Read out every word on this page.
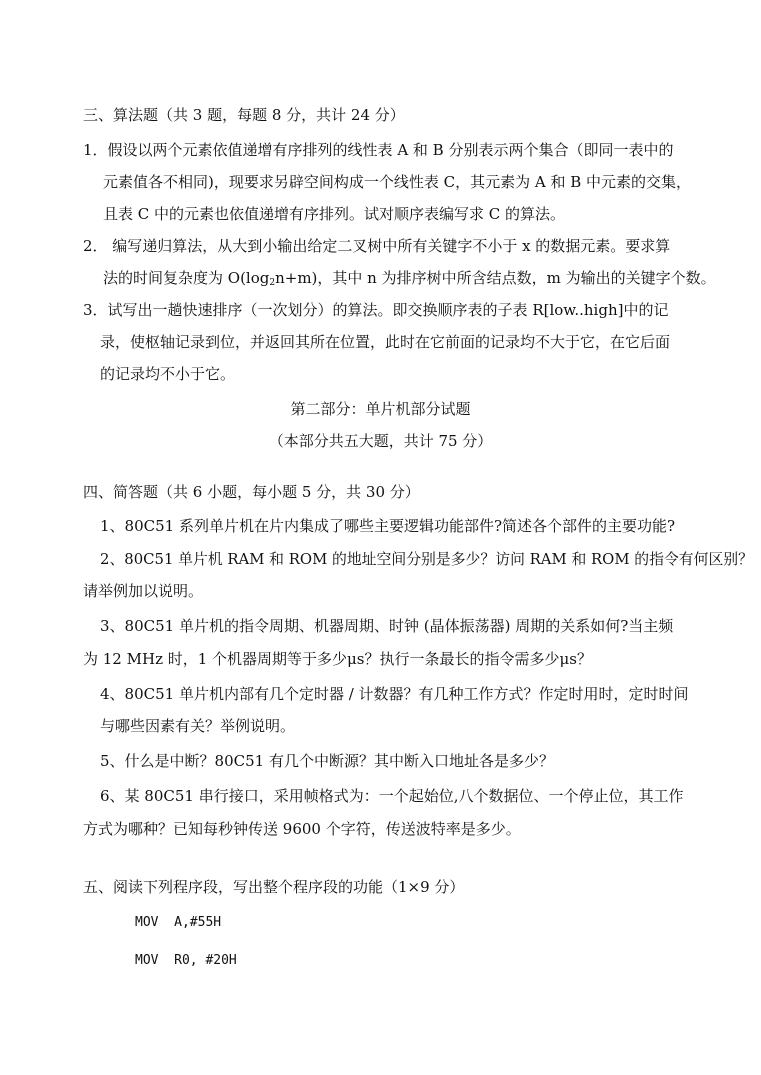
三、算法题（共 3 题，每题 8 分，共计 24 分）
1．假设以两个元素依值递增有序排列的线性表 A 和 B 分别表示两个集合（即同一表中的
元素值各不相同)，现要求另辟空间构成一个线性表 C，其元素为 A 和 B 中元素的交集，
且表 C 中的元素也依值递增有序排列。试对顺序表编写求 C 的算法。
2． 编写递归算法，从大到小输出给定二叉树中所有关键字不小于 x 的数据元素。要求算
法的时间复杂度为 $O(\log_2n+m)$，其中 n 为排序树中所含结点数，m 为输出的关键字个数。
3．试写出一趟快速排序（一次划分）的算法。即交换顺序表的子表 R[low..high]中的记
录，使枢轴记录到位，并返回其所在位置，此时在它前面的记录均不大于它，在它后面
的记录均不小于它。
第二部分：单片机部分试题
（本部分共五大题，共计 75 分）
四、简答题（共 6 小题，每小题 5 分，共 30 分）
1、80C51 系列单片机在片内集成了哪些主要逻辑功能部件?简述各个部件的主要功能?
2、80C51 单片机 RAM 和 ROM 的地址空间分别是多少？访问 RAM 和 ROM 的指令有何区别？
请举例加以说明。
3、80C51 单片机的指令周期、机器周期、时钟 (晶体振荡器) 周期的关系如何?当主频
为 12 MHz 时，1 个机器周期等于多少μs？执行一条最长的指令需多少μs？
4、80C51 单片机内部有几个定时器 / 计数器？有几种工作方式？作定时用时，定时时间
与哪些因素有关？举例说明。
5、什么是中断？80C51 有几个中断源？其中断入口地址各是多少？
6、某 80C51 串行接口，采用帧格式为：一个起始位,八个数据位、一个停止位，其工作
方式为哪种？已知每秒钟传送 9600 个字符，传送波特率是多少。
五、阅读下列程序段，写出整个程序段的功能（1×9 分）
MOV  A,#55H
MOV  R0, #20H
